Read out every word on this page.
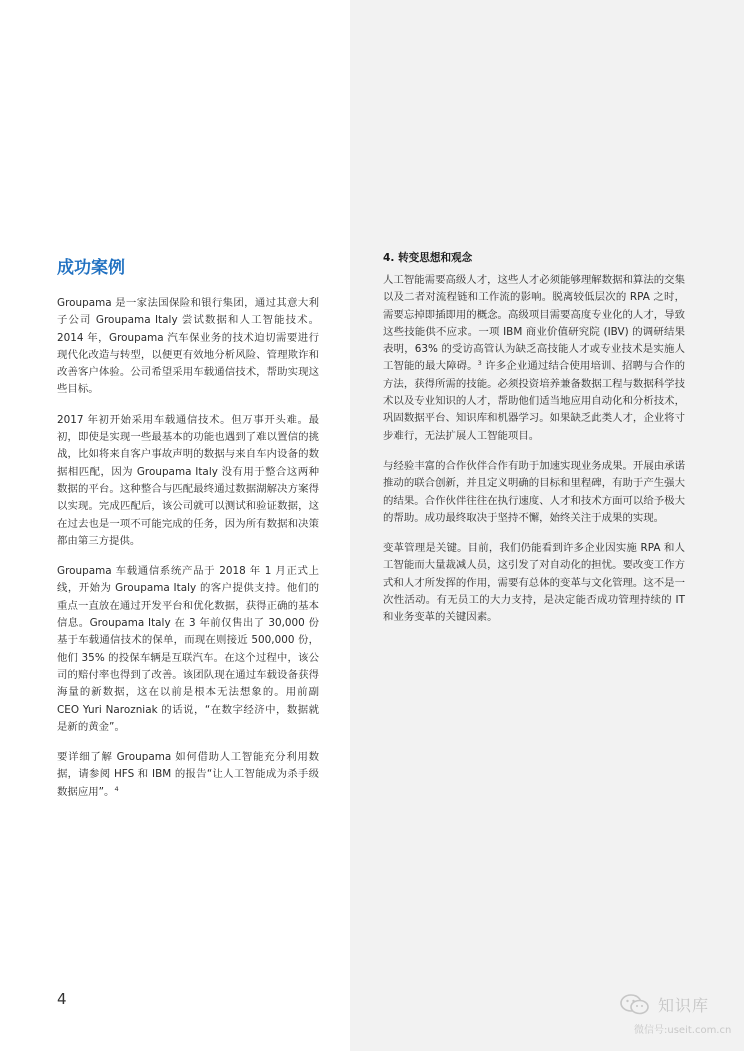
成功案例

Groupama 是一家法国保险和银行集团，通过其意大利子公司 Groupama Italy 尝试数据和人工智能技术。2014 年，Groupama 汽车保业务的技术迫切需要进行现代化改造与转型，以便更有效地分析风险、管理欺诈和改善客户体验。公司希望采用车载通信技术，帮助实现这些目标。

2017 年初开始采用车载通信技术。但万事开头难。最初，即使是实现一些最基本的功能也遇到了难以置信的挑战，比如将来自客户事故声明的数据与来自车内设备的数据相匹配，因为 Groupama Italy 没有用于整合这两种数据的平台。这种整合与匹配最终通过数据湖解决方案得以实现。完成匹配后，该公司就可以测试和验证数据，这在过去也是一项不可能完成的任务，因为所有数据和决策都由第三方提供。

Groupama 车载通信系统产品于 2018 年 1 月正式上线，开始为 Groupama Italy 的客户提供支持。他们的重点一直放在通过开发平台和优化数据，获得正确的基本信息。Groupama Italy 在 3 年前仅售出了 30,000 份基于车载通信技术的保单，而现在则接近 500,000 份，他们 35% 的投保车辆是互联汽车。在这个过程中，该公司的赔付率也得到了改善。该团队现在通过车载设备获得海量的新数据，这在以前是根本无法想象的。用前副 CEO Yuri Narozniak 的话说，“在数字经济中，数据就是新的黄金”。

要详细了解 Groupama 如何借助人工智能充分利用数据，请参阅 HFS 和 IBM 的报告“让人工智能成为杀手级数据应用”。$^4$

4	知识库
微信号:useit.com.cn
4. 转变思想和观念

人工智能需要高级人才，这些人才必须能够理解数据和算法的交集以及二者对流程链和工作流的影响。脱离较低层次的 RPA 之时，需要忘掉即插即用的概念。高级项目需要高度专业化的人才，导致这些技能供不应求。一项 IBM 商业价值研究院 (IBV) 的调研结果表明，63% 的受访高管认为缺乏高技能人才或专业技术是实施人工智能的最大障碍。$^3$ 许多企业通过结合使用培训、招聘与合作的方法，获得所需的技能。必须投资培养兼备数据工程与数据科学技术以及专业知识的人才，帮助他们适当地应用自动化和分析技术，巩固数据平台、知识库和机器学习。如果缺乏此类人才，企业将寸步难行，无法扩展人工智能项目。

与经验丰富的合作伙伴合作有助于加速实现业务成果。开展由承诺推动的联合创新，并且定义明确的目标和里程碑，有助于产生强大的结果。合作伙伴往往在执行速度、人才和技术方面可以给予极大的帮助。成功最终取决于坚持不懈，始终关注于成果的实现。

变革管理是关键。目前，我们仍能看到许多企业因实施 RPA 和人工智能而大量裁减人员，这引发了对自动化的担忧。要改变工作方式和人才所发挥的作用，需要有总体的变革与文化管理。这不是一次性活动。有无员工的大力支持，是决定能否成功管理持续的 IT 和业务变革的关键因素。
